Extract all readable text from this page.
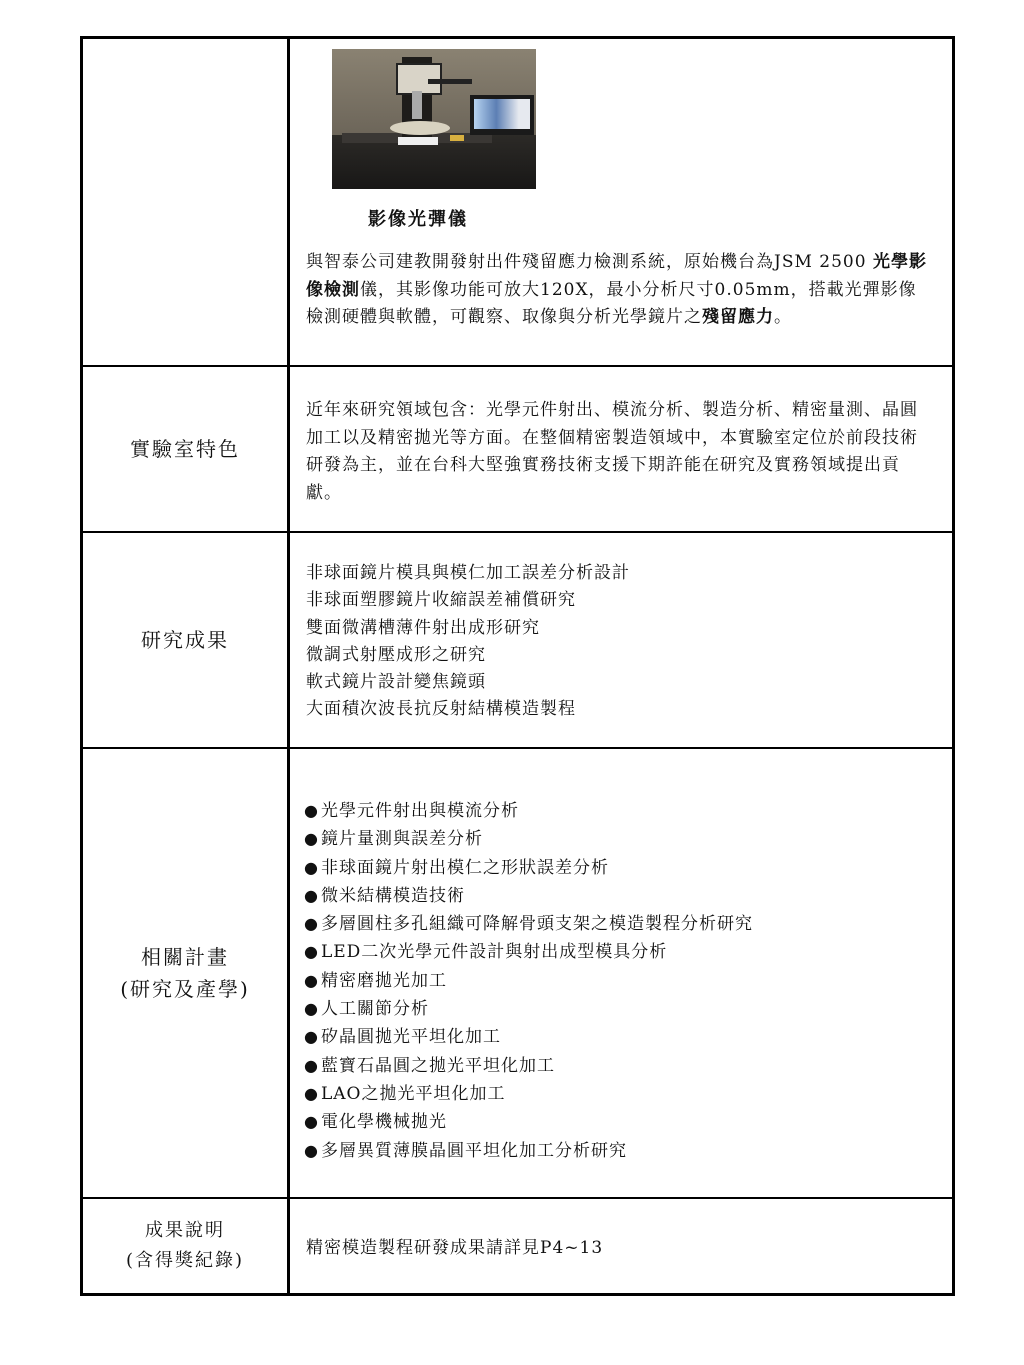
影像光彈儀
與智泰公司建教開發射出件殘留應力檢測系統，原始機台為JSM 2500 光學影像檢測儀，其影像功能可放大120X，最小分析尺寸0.05mm，搭載光彈影像檢測硬體與軟體，可觀察、取像與分析光學鏡片之殘留應力。
實驗室特色
近年來研究領域包含：光學元件射出、模流分析、製造分析、精密量測、晶圓加工以及精密拋光等方面。在整個精密製造領域中，本實驗室定位於前段技術研發為主，並在台科大堅強實務技術支援下期許能在研究及實務領域提出貢獻。
研究成果
非球面鏡片模具與模仁加工誤差分析設計
非球面塑膠鏡片收縮誤差補償研究
雙面微溝槽薄件射出成形研究
微調式射壓成形之研究
軟式鏡片設計變焦鏡頭
大面積次波長抗反射結構模造製程
相關計畫
(研究及產學)
● 光學元件射出與模流分析
● 鏡片量測與誤差分析
● 非球面鏡片射出模仁之形狀誤差分析
● 微米結構模造技術
● 多層圓柱多孔組織可降解骨頭支架之模造製程分析研究
● LED二次光學元件設計與射出成型模具分析
● 精密磨拋光加工
● 人工關節分析
● 矽晶圓拋光平坦化加工
● 藍寶石晶圓之拋光平坦化加工
● LAO之拋光平坦化加工
● 電化學機械拋光
● 多層異質薄膜晶圓平坦化加工分析研究
成果說明
(含得獎紀錄)
精密模造製程研發成果請詳見P4~13
